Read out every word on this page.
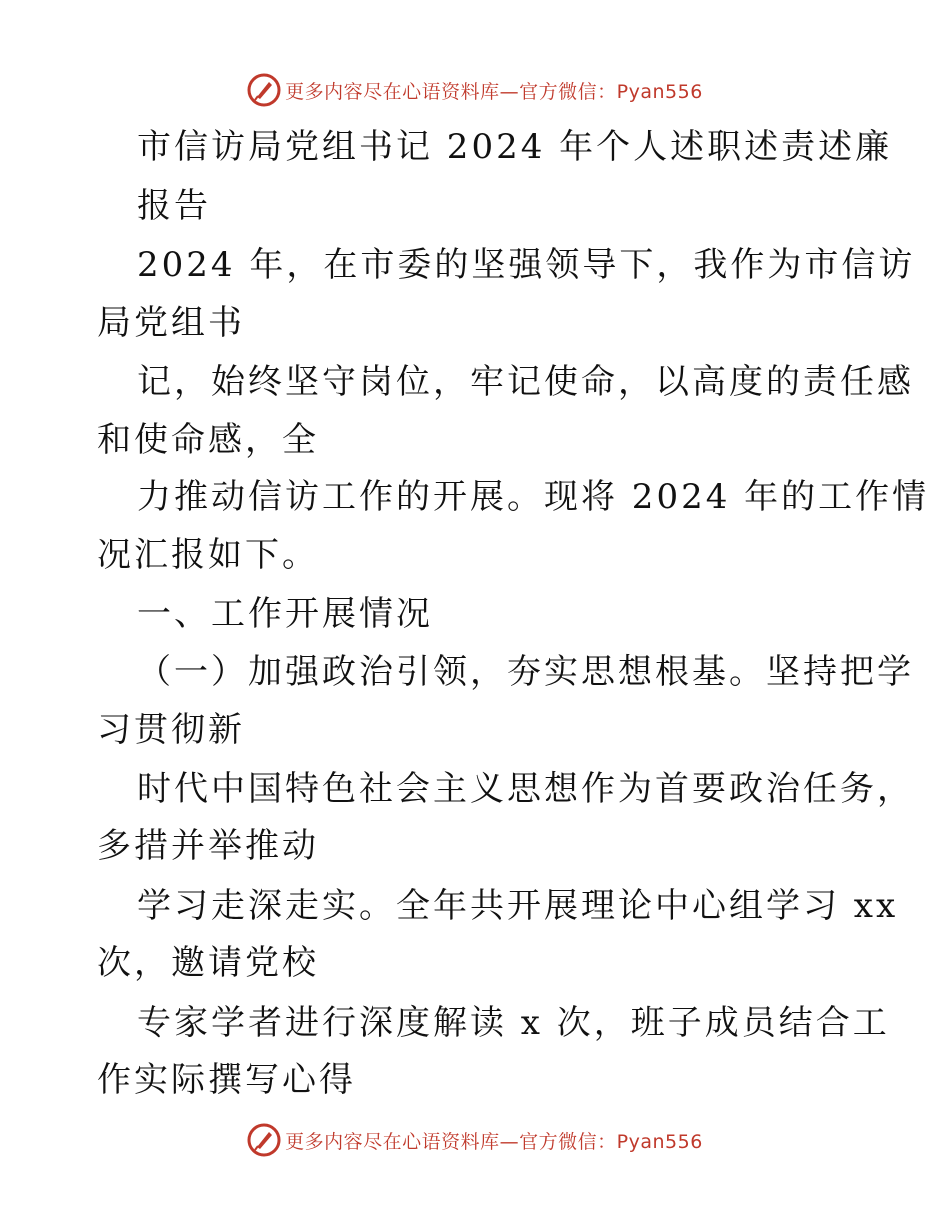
更多内容尽在心语资料库—官方微信：Pyan556
市信访局党组书记 2024 年个人述职述责述廉
报告
2024 年，在市委的坚强领导下，我作为市信访
局党组书
记，始终坚守岗位，牢记使命，以高度的责任感
和使命感，全
力推动信访工作的开展。现将 2024 年的工作情
况汇报如下。
一、工作开展情况
（一）加强政治引领，夯实思想根基。坚持把学
习贯彻新
时代中国特色社会主义思想作为首要政治任务，
多措并举推动
学习走深走实。全年共开展理论中心组学习 xx
次，邀请党校
专家学者进行深度解读 x 次，班子成员结合工
作实际撰写心得
更多内容尽在心语资料库—官方微信：Pyan556
